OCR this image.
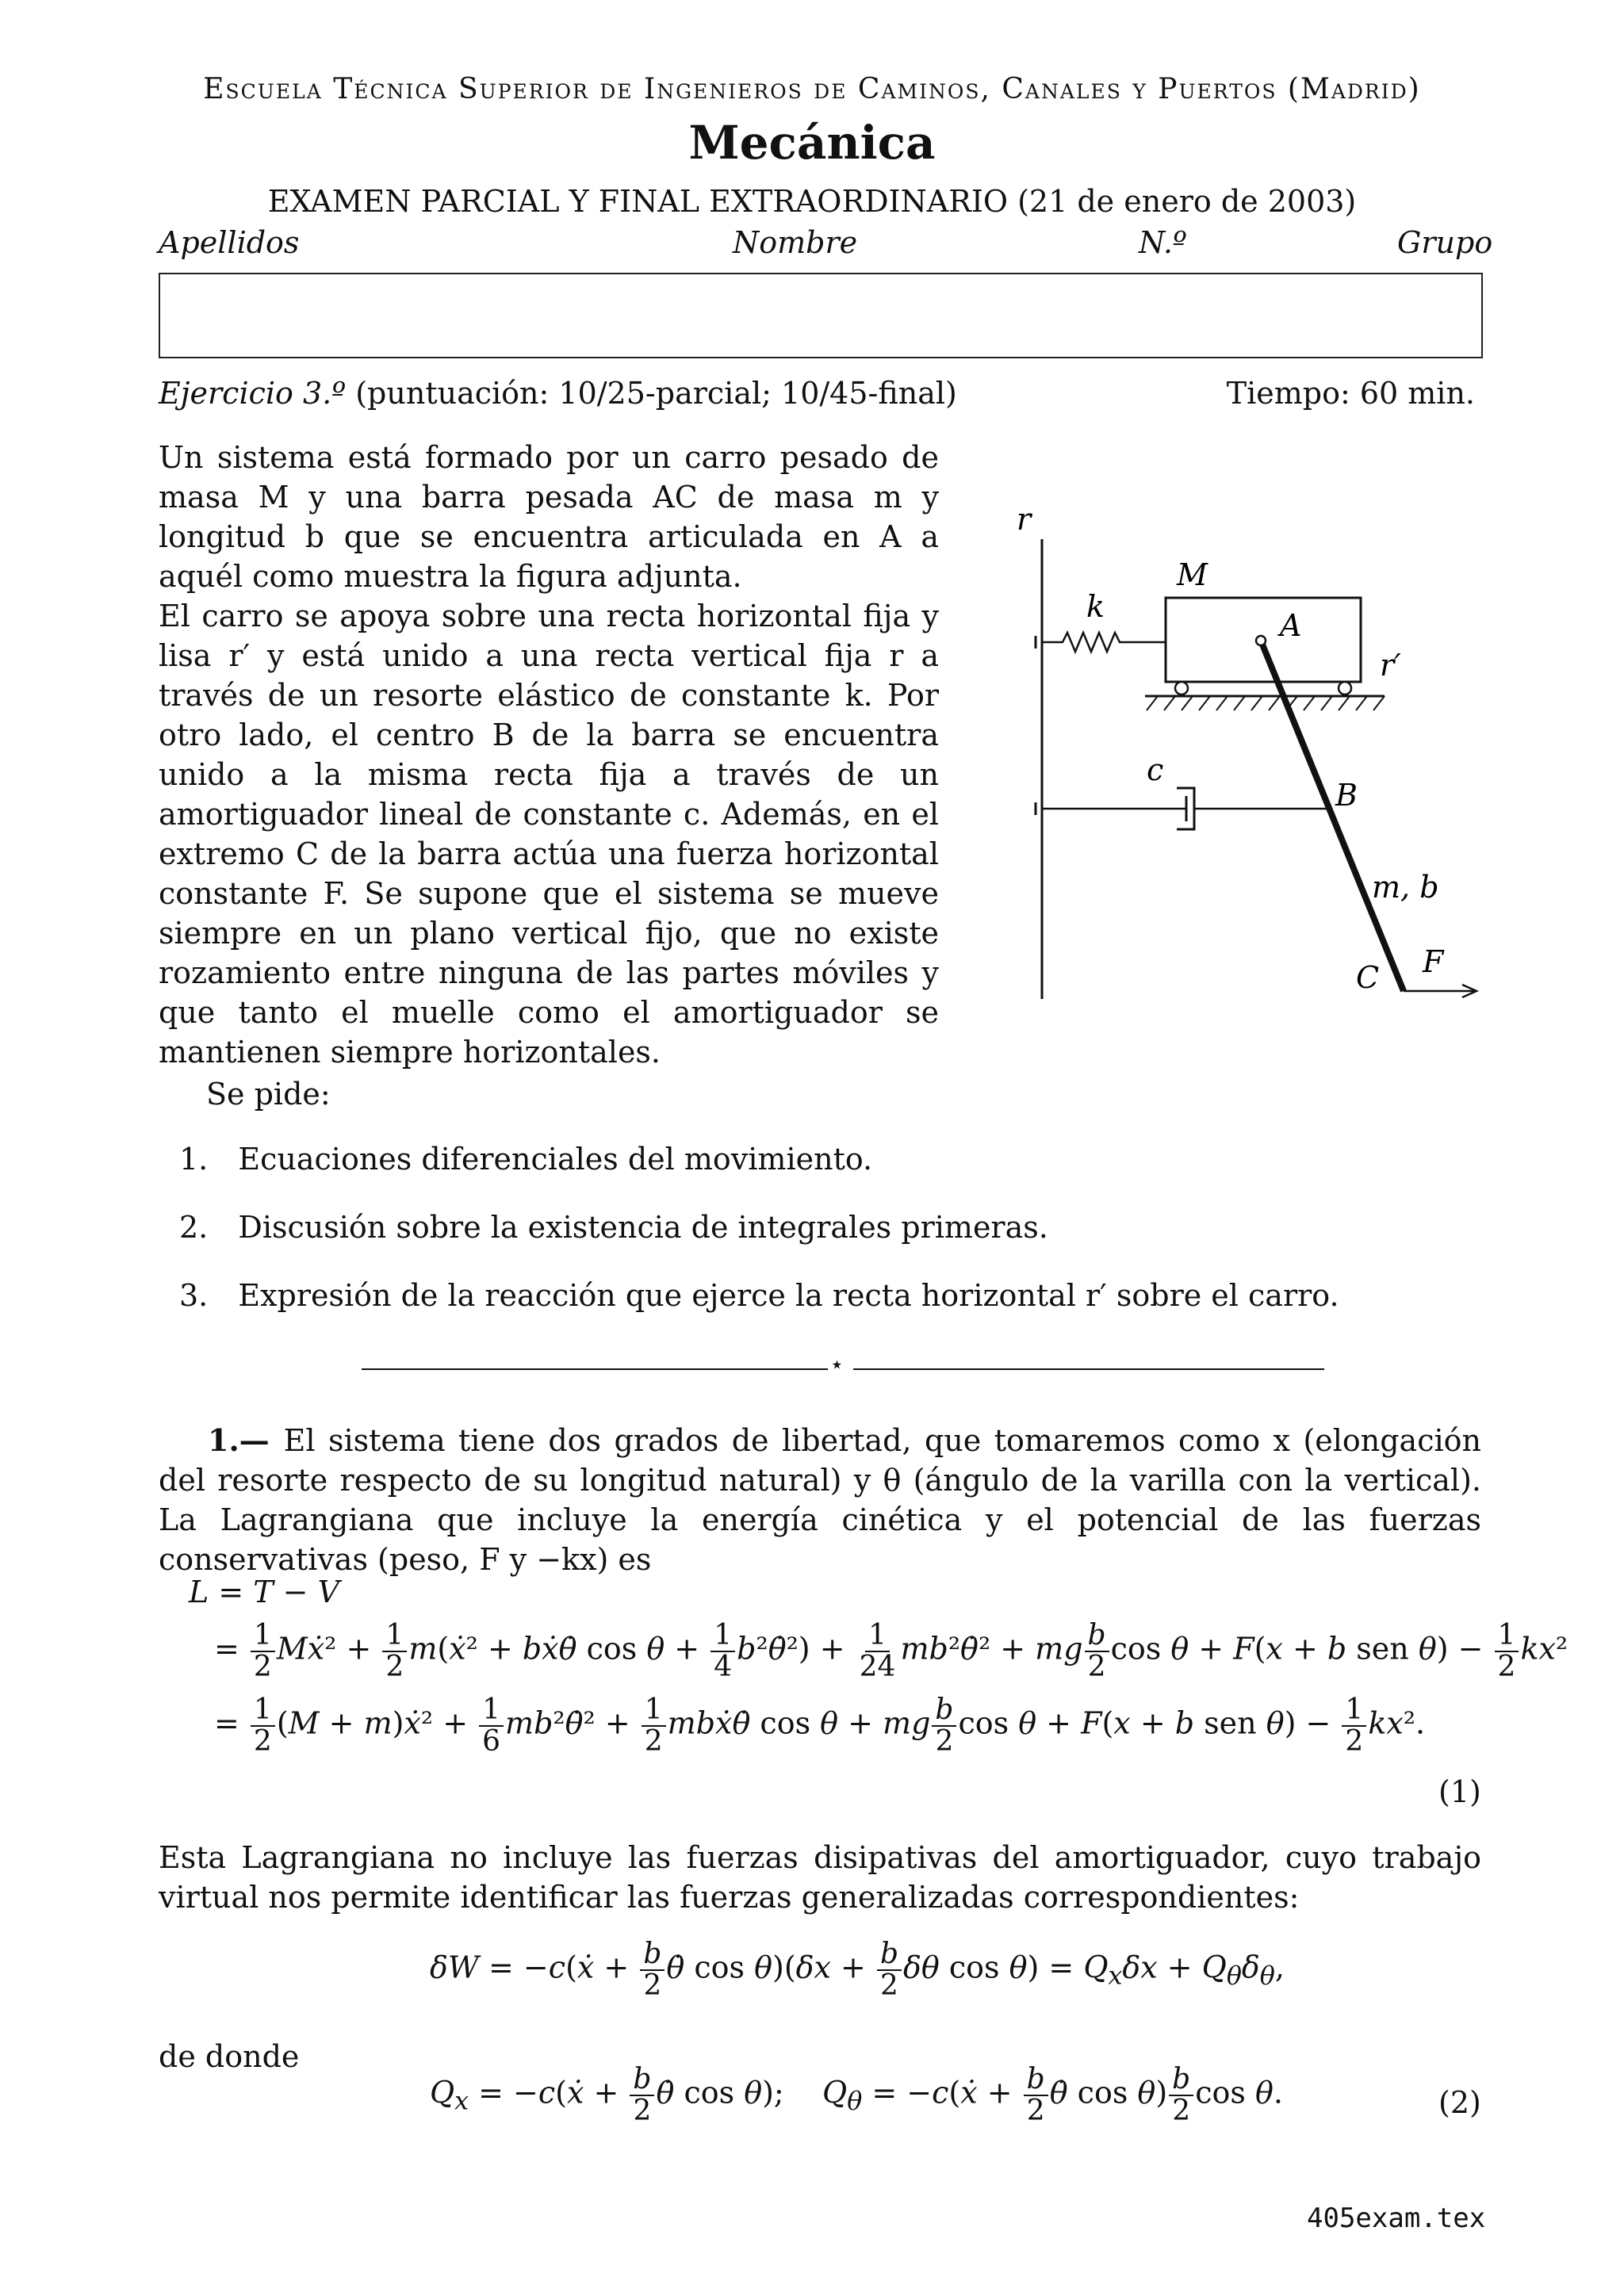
Escuela Técnica Superior de Ingenieros de Caminos, Canales y Puertos (Madrid)
Mecánica
EXAMEN PARCIAL Y FINAL EXTRAORDINARIO (21 de enero de 2003)
Apellidos	Nombre	N.º	Grupo
Ejercicio 3.º (puntuación: 10/25-parcial; 10/45-final)	Tiempo: 60 min.

Un sistema está formado por un carro pesado de masa M y una barra pesada AC de masa m y longitud b que se encuentra articulada en A a aquél como muestra la figura adjunta.

El carro se apoya sobre una recta horizontal fija y lisa r′ y está unido a una recta vertical fija r a través de un resorte elástico de constante k. Por otro lado, el centro B de la barra se encuentra unido a la misma recta fija a través de un amortiguador lineal de constante c. Además, en el extremo C de la barra actúa una fuerza horizontal constante F. Se supone que el sistema se mueve siempre en un plano vertical fijo, que no existe rozamiento entre ninguna de las partes móviles y que tanto el muelle como el amortiguador se mantienen siempre horizontales.

r
k
M
r′
A
c
B
m, b
C F
Se pide:
1. Ecuaciones diferenciales del movimiento.
2. Discusión sobre la existencia de integrales primeras.
3. Expresión de la reacción que ejerce la recta horizontal r′ sobre el carro.
⋆
1.— El sistema tiene dos grados de libertad, que tomaremos como x (elongación del resorte respecto de su longitud natural) y θ (ángulo de la varilla con la vertical). La Lagrangiana que incluye la energía cinética y el potencial de las fuerzas conservativas (peso, F y −kx) es
L = T − V
= $\frac{1}{2}$ Mẋ² + $\frac{1}{2}$ m(ẋ² + bẋθ̇ $\cos \theta + \frac{1}{4}$ b²θ̇²) + $\frac{1}{24}$ mb²θ̇² + mg $\frac{b}{2}$ cos θ + F(x + b sen $\theta) - \frac{1}{2} kx^2$
= $\frac{1}{2} (M$ + m)ẋ² + $\frac{1}{6}$ mb²θ̇² + $\frac{1}{2}$ mbẋθ̇ cos θ + mg $\frac{b}{2}$ cos θ + F(x + b sen $\theta) - \frac{1}{2} kx^2$.
(1)
Esta Lagrangiana no incluye las fuerzas disipativas del amortiguador, cuyo trabajo virtual nos permite identificar las fuerzas generalizadas correspondientes:
δW = −c(ẋ + $\frac{b}{2}$ θ̇ $\cos \theta)(\delta x + \frac{b}{2}$ δθ $\cos \theta) = Q_x\delta x + Q_\theta\delta_\theta$,
de donde
$Q_x$ = −c(ẋ + $\frac{b}{2}$ θ̇ cos θ);    $Q_\theta$ = −c(ẋ + $\frac{b}{2}$ θ̇ $\cos \theta) \frac{b}{2}$ cos θ.	(2)
405exam.tex
